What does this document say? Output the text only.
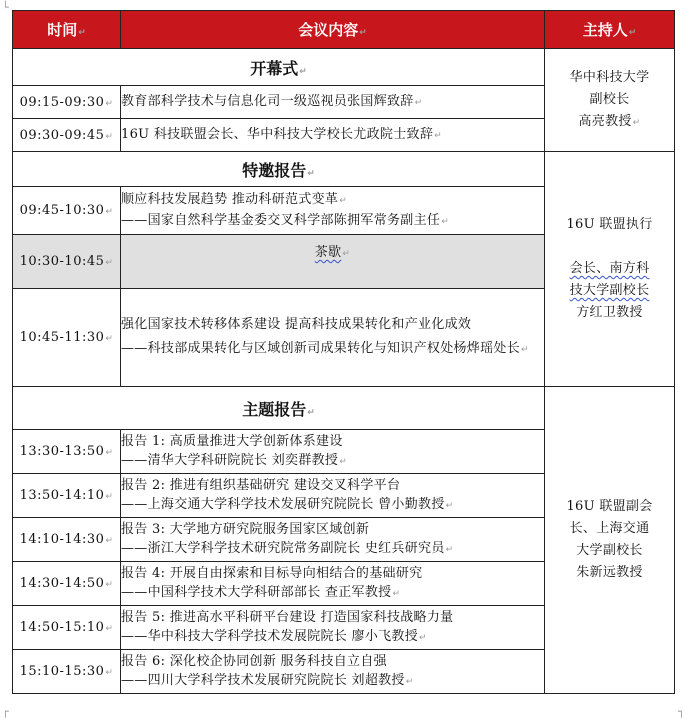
└
┌	┐
时间↵	会议内容↵	主持人↵
开幕式↵		华中科技大学
副校长
高亮教授↵

09:15-09:30↵	教育部科学技术与信息化司一级巡视员张国辉致辞↵	
09:30-09:45↵	16U 科技联盟会长、华中科技大学校长尤政院士致辞↵	
特邀报告↵		16U 联盟执行
会长、南方科
技大学副校长
方红卫教授

09:45-10:30↵	顺应科技发展趋势 推动科研范式变革↵
——国家自然科学基金委交叉科学部陈拥军常务副主任↵	

10:30-10:45↵	茶歇↵	
10:45-11:30↵	强化国家技术转移体系建设 提高科技成果转化和产业化成效
——科技部成果转化与区域创新司成果转化与知识产权处杨烨瑶处长↵	

主题报告↵		16U 联盟副会
长、上海交通
大学副校长
朱新远教授

13:30-13:50↵	报告 1: 高质量推进大学创新体系建设
——清华大学科研院院长 刘奕群教授↵	

13:50-14:10↵	报告 2: 推进有组织基础研究 建设交叉科学平台
——上海交通大学科学技术发展研究院院长 曾小勤教授↵	

14:10-14:30↵	报告 3: 大学地方研究院服务国家区域创新
——浙江大学科学技术研究院常务副院长 史红兵研究员↵	

14:30-14:50↵	报告 4: 开展自由探索和目标导向相结合的基础研究
——中国科学技术大学科研部部长 查正军教授↵	

14:50-15:10↵	报告 5: 推进高水平科研平台建设 打造国家科技战略力量
——华中科技大学科学技术发展院院长 廖小飞教授↵	

15:10-15:30↵	报告 6: 深化校企协同创新 服务科技自立自强
——四川大学科学技术发展研究院院长 刘超教授↵	
